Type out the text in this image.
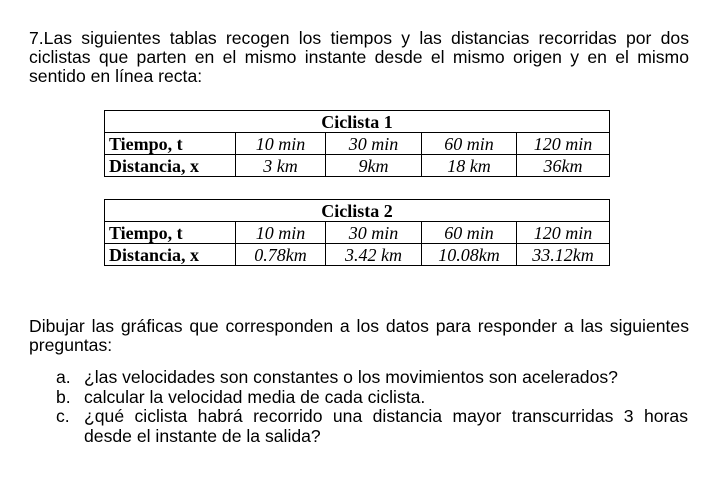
7.Las siguientes tablas recogen los tiempos y las distancias recorridas por dos ciclistas que parten en el mismo instante desde el mismo origen y en el mismo sentido en línea recta:

Ciclista 1				
Tiempo, t	10 min	30 min	60 min	120 min
Distancia, x	3 km	9km	18 km	36km
Ciclista 2				
Tiempo, t	10 min	30 min	60 min	120 min
Distancia, x	0.78km	3.42 km	10.08km	33.12km

Dibujar las gráficas que corresponden a los datos para responder a las siguientes preguntas:

a. ¿las velocidades son constantes o los movimientos son acelerados?
b. calcular la velocidad media de cada ciclista.
c. ¿qué ciclista habrá recorrido una distancia mayor transcurridas 3 horas desde el instante de la salida?
